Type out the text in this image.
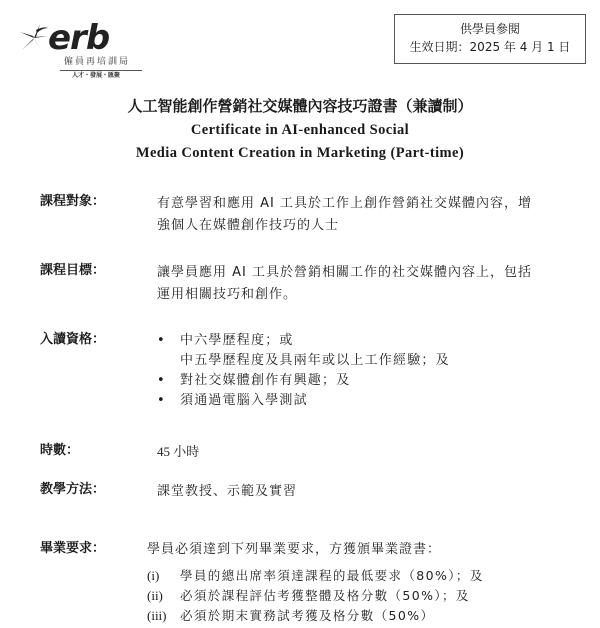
erb
僱員再培訓局
人才・發展・匯聚
供學員參閱
生效日期：2025 年 4 月 1 日
人工智能創作營銷社交媒體內容技巧證書（兼讀制）
Certificate in AI-enhanced Social
Media Content Creation in Marketing (Part-time)
課程對象：	有意學習和應用 AI 工具於工作上創作營銷社交媒體內容，增
強個人在媒體創作技巧的人士
課程目標：	讓學員應用 AI 工具於營銷相關工作的社交媒體內容上，包括
運用相關技巧和創作。
入讀資格：	• 中六學歷程度；或
中五學歷程度及具兩年或以上工作經驗；及
• 對社交媒體創作有興趣；及
• 須通過電腦入學測試
時數：	45 小時
教學方法：	課堂教授、示範及實習
畢業要求：	學員必須達到下列畢業要求，方獲頒畢業證書：
(i) 學員的總出席率須達課程的最低要求（80%）；及
(ii) 必須於課程評估考獲整體及格分數（50%）；及
(iii) 必須於期末實務試考獲及格分數（50%）
